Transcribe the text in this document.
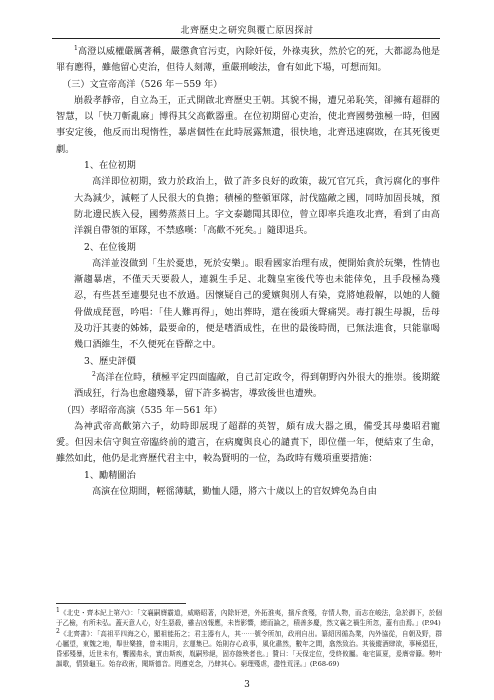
北齊歷史之研究與覆亡原因探討

$^1$高澄以威權嚴厲著稱，嚴懲貪官污吏，內除奸佞，外祿夷狄，然於它的死，大都認為他是罪有應得，雖他留心吏治，但待人刻薄，重嚴刑峻法，會有如此下場，可想而知。

（三）文宣帝高洋（526 年－559 年）

崩殺孝靜帝，自立為王，正式開啟北齊歷史王朝。其貌不揚，遭兄弟恥笑，卻擁有超群的智慧，以「快刀斬亂麻」博得其父高歡器重。在位初期留心吏治，使北齊國勢強極一時，但國事安定後，他反而出現惰性，暴虐個性在此時展露無遺，很快地，北齊迅速腐敗，在其死後更劇。

1、在位初期

高洋即位初期，致力於政治上，做了許多良好的政策，裁冗官冗兵，貪污腐化的事件大為減少，減輕了人民很大的負擔；積極的整頓軍隊，討伐臨敵之國，同時加固長城，預防北邊民族入侵，國勢蒸蒸日上。字文泰聽聞其即位，曾立即率兵進攻北齊，看到了由高洋親自帶領的軍隊，不禁感嘆：「高歡不死矣。」隨即退兵。

2、在位後期

高洋並沒做到「生於憂患，死於安樂」。眼看國家治理有成，便開始貪於玩樂，性情也漸趨暴虐，不僅天天要殺人，連親生手足、北魏皇室後代等也未能倖免，且手段極為殘忍，有些甚至連嬰兒也不放過。因懷疑自己的愛嬪與別人有染，竟將她殺解，以她的人髓骨做成琵琶，吟唱：「佳人難再得」，她出葬時，還在後頭大聲痛哭。毒打親生母親，岳母及功汙其妻的姊姊，最要命的，便是嗜酒成性，在世的最後時間，已無法進食，只能靠喝幾口酒維生，不久便死在昏醉之中。

3、歷史評價

$^2$高洋在位時，積極平定四面臨敵，自己訂定政令，得到朝野內外很大的推崇。後期縱酒成狂，行為也愈趨殘暴，留下許多禍害，導致後世也遭殃。

（四）孝昭帝高演（535 年－561 年）

為神武帝高歡第六子，幼時即展現了超群的英智，頗有成大器之風，備受其母婁昭君寵愛。但因未信守與宣帝臨終前的遺言，在病魔與良心的譴責下，即位僅一年，便結束了生命，雖然如此，他仍是北齊歷代君主中，較為賢明的一位，為政時有幾項重要措施：

1、勵精圖治

高演在位期間，輕徭薄賦，勤恤人隱，將六十歲以上的官奴婢免為自由

$^1$《北史・齊本紀上第六》：「文襄嗣膺霸道，威略昭著，內除奸逆，外拓淮夷，擯斥貪殘，存情人物，而志在峻法，急於御下，於個于乙檢，有所未弘。蓋天意人心，好生惡殺，雖吉凶報應，未皆影響，總而論之，積善多慶，然文襄之禍生所忽，蓋有由焉。」(P.94)

$^2$《北齊書》：「高祖平四海之心，顯祖能拓之；君主器有人，其⋯⋯號令所加，政刑自出。纂紹因循為業，內外協從，自朝及野，群心屬望，東魏之地，舉世樂推，曾未期月，玄運集已。始則存心政事，風化肅然，數年之間，翕然致治。其後縱酒肆欲，事極猖狂，昏邪殘暴，近世未有，饗國弗永，實由斯疾，胤嗣殄絕，固亦餘殃者也。」贊曰：「天保定位，受終攸屬。奄宅區夏，爰膺帝籙。勢叶謳歌，情毀龜玉。始存政術，聞斯德音。罔遵克念，乃肆其心。窮理殘虐，盡性荒淫。」(P.68-69)

3
